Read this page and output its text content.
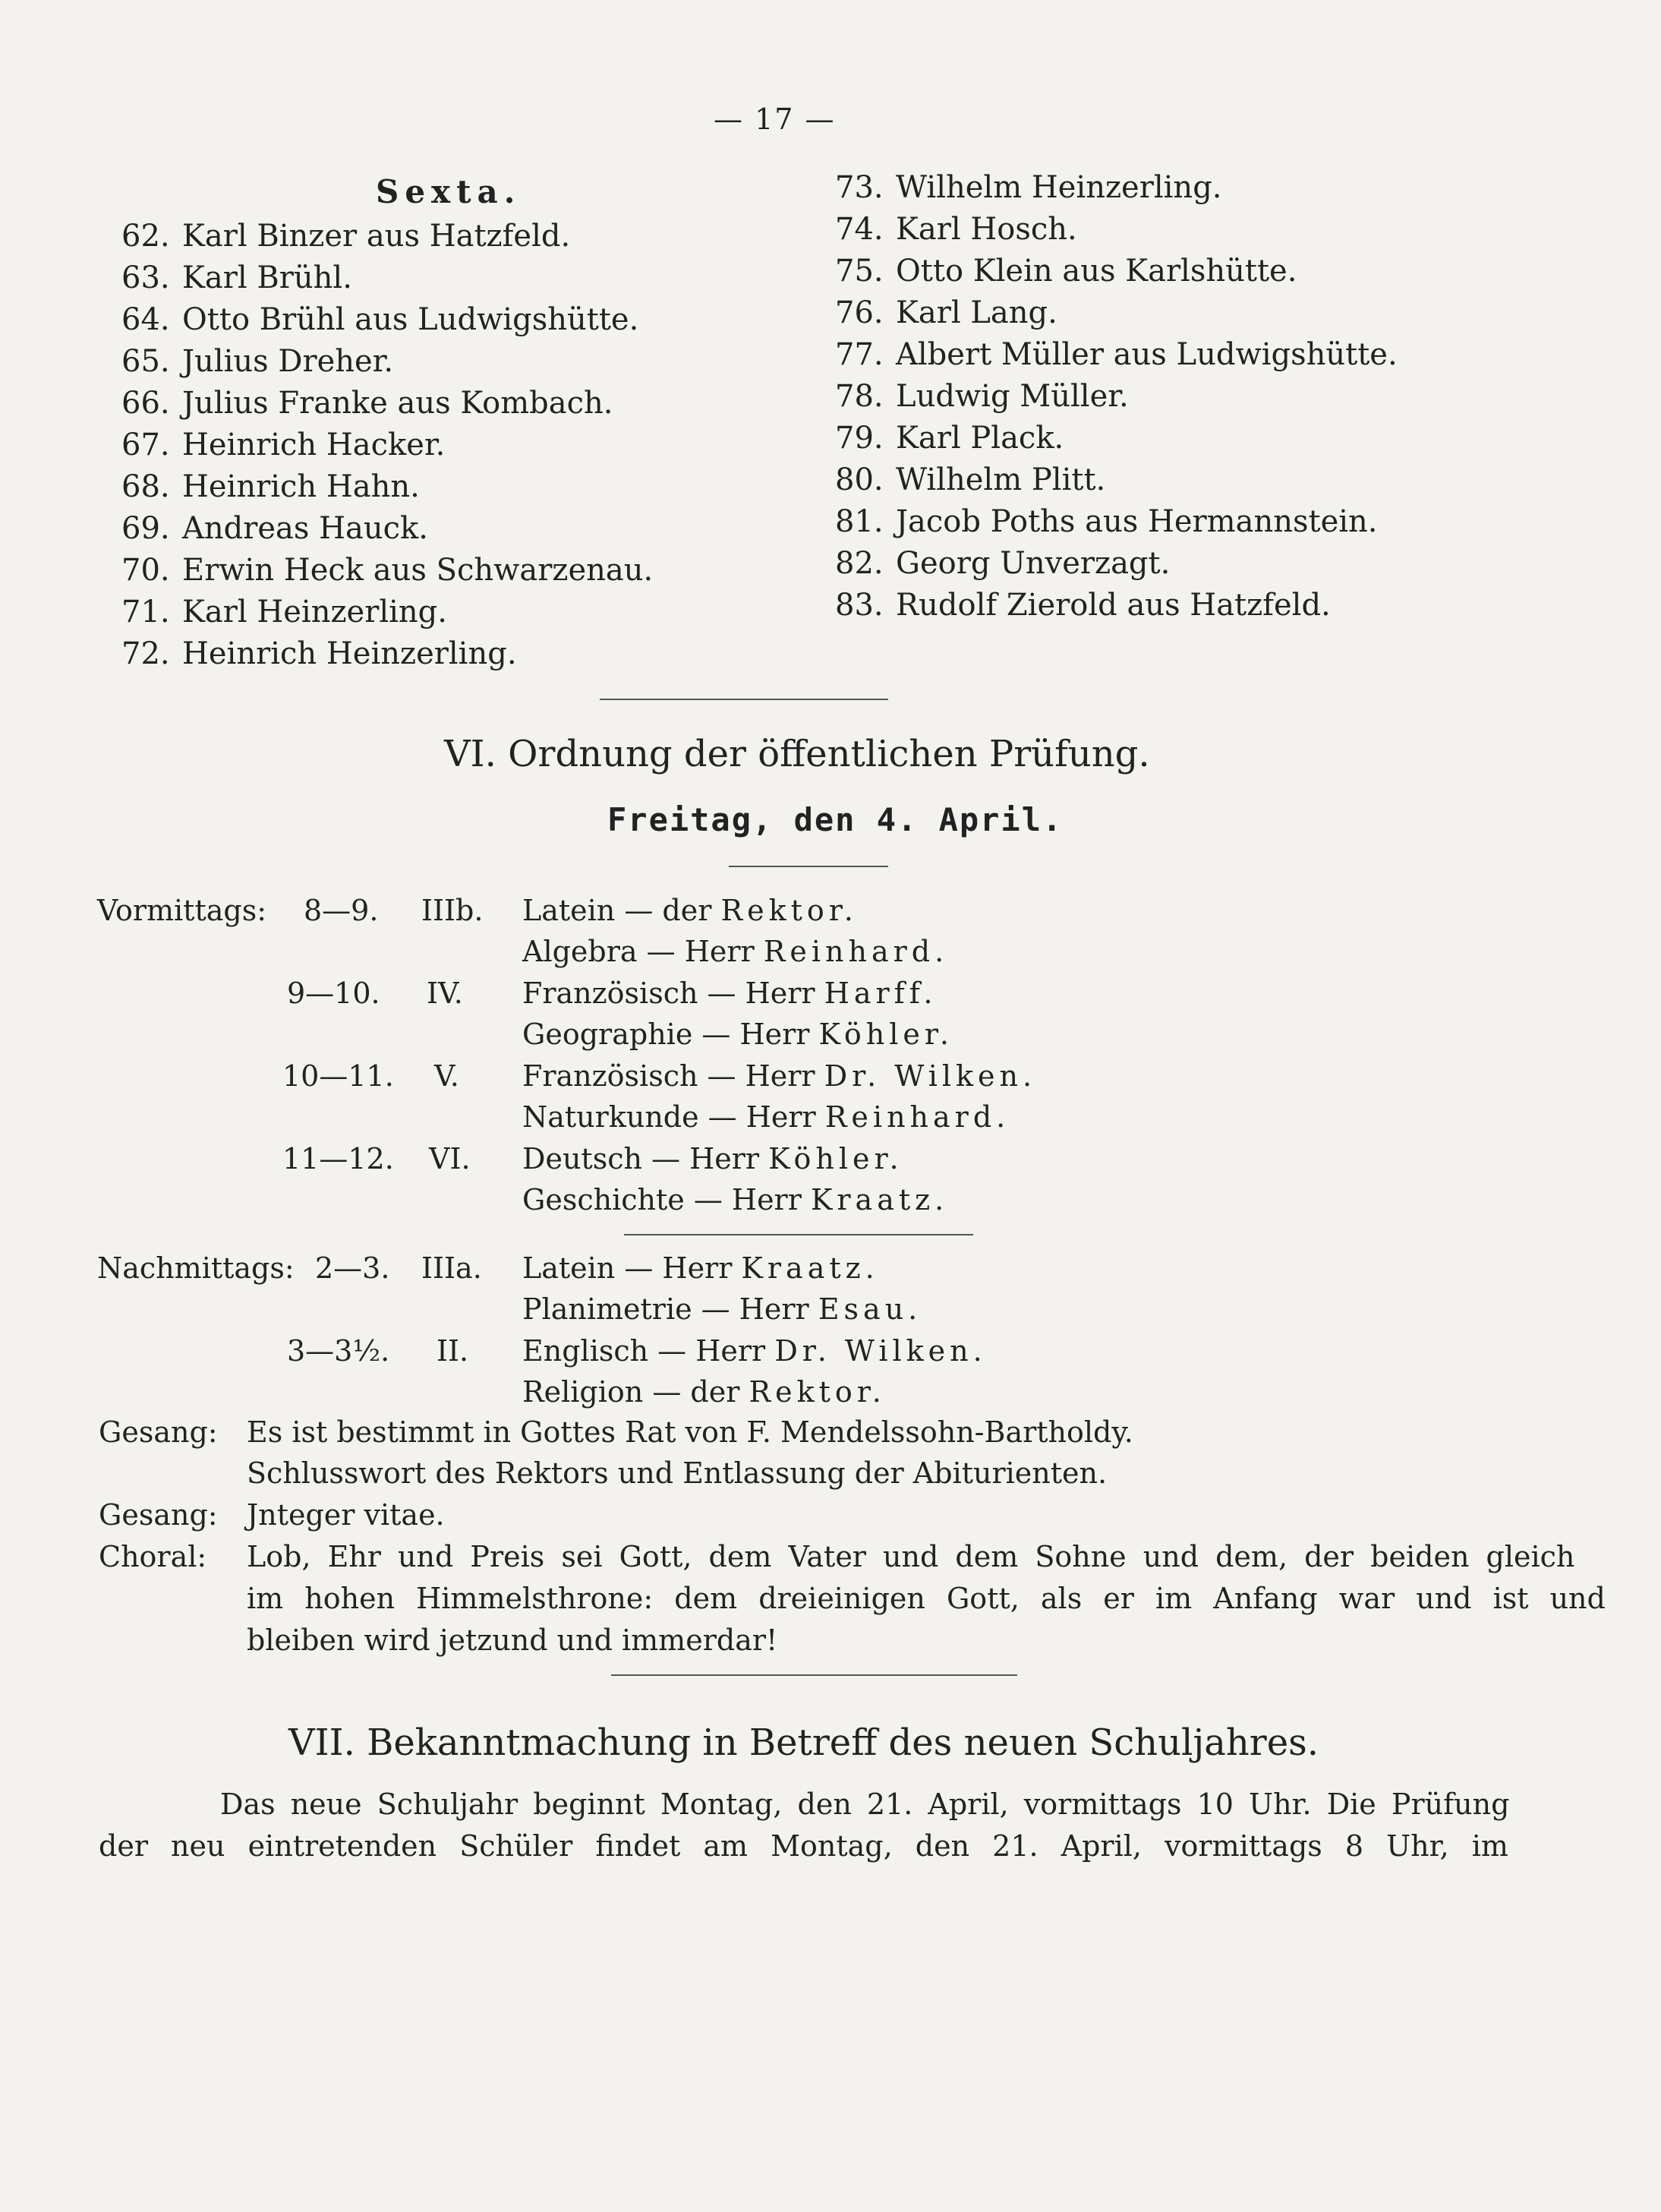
— 17 —
Sexta.
62. Karl Binzer aus Hatzfeld.
63. Karl Brühl.
64. Otto Brühl aus Ludwigshütte.
65. Julius Dreher.
66. Julius Franke aus Kombach.
67. Heinrich Hacker.
68. Heinrich Hahn.
69. Andreas Hauck.
70. Erwin Heck aus Schwarzenau.
71. Karl Heinzerling.
72. Heinrich Heinzerling.
73. Wilhelm Heinzerling.
74. Karl Hosch.
75. Otto Klein aus Karlshütte.
76. Karl Lang.
77. Albert Müller aus Ludwigshütte.
78. Ludwig Müller.
79. Karl Plack.
80. Wilhelm Plitt.
81. Jacob Poths aus Hermannstein.
82. Georg Unverzagt.
83. Rudolf Zierold aus Hatzfeld.
VI. Ordnung der öffentlichen Prüfung.
Freitag, den 4. April.
Vormittags: 8—9. IIIb. Latein — der Rektor.
Algebra — Herr Reinhard.
9—10. IV. Französisch — Herr Harff.
Geographie — Herr Köhler.
10—11. V. Französisch — Herr Dr. Wilken.
Naturkunde — Herr Reinhard.
11—12. VI. Deutsch — Herr Köhler.
Geschichte — Herr Kraatz.
Nachmittags: 2—3. IIIa. Latein — Herr Kraatz.
Planimetrie — Herr Esau.
3—3½. II. Englisch — Herr Dr. Wilken.
Religion — der Rektor.
Gesang: Es ist bestimmt in Gottes Rat von F. Mendelssohn-Bartholdy.
Schlusswort des Rektors und Entlassung der Abiturienten.
Gesang: Jnteger vitae.
Choral: Lob, Ehr und Preis sei Gott, dem Vater und dem Sohne und dem, der beiden gleich
im hohen Himmelsthrone: dem dreieinigen Gott, als er im Anfang war und ist und
bleiben wird jetzund und immerdar!
VII. Bekanntmachung in Betreff des neuen Schuljahres.
Das neue Schuljahr beginnt Montag, den 21. April, vormittags 10 Uhr. Die Prüfung
der neu eintretenden Schüler findet am Montag, den 21. April, vormittags 8 Uhr, im
